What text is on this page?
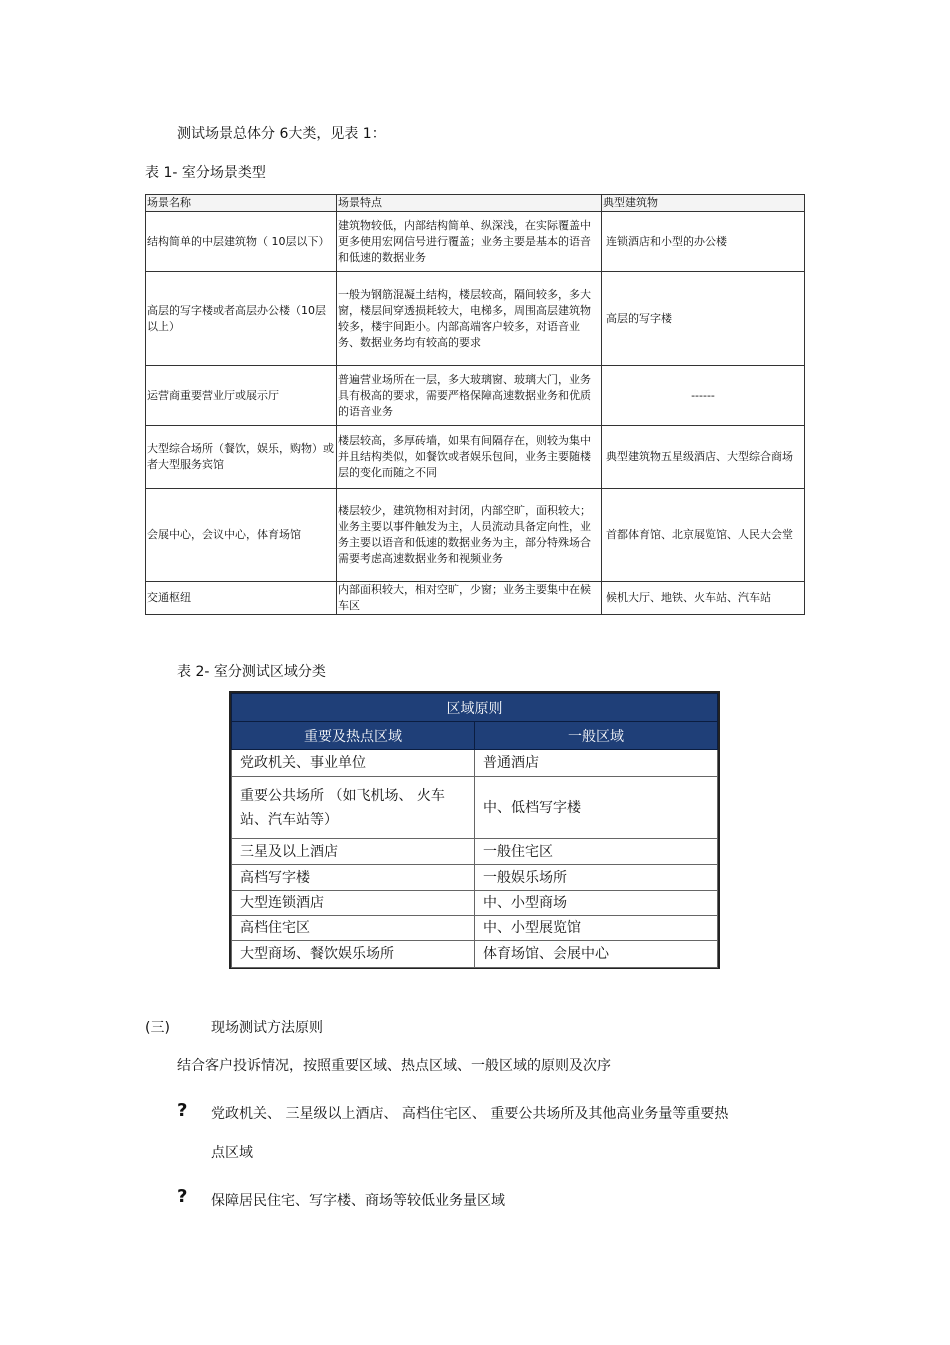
测试场景总体分 6大类，见表 1：
表 1- 室分场景类型
场景名称	场景特点	典型建筑物
结构简单的中层建筑物（ 10层以下）	建筑物较低，内部结构简单、纵深浅，在实际覆盖中更多使用宏网信号进行覆盖；业务主要是基本的语音和低速的数据业务	连锁酒店和小型的办公楼
高层的写字楼或者高层办公楼（10层以上）	一般为钢筋混凝土结构，楼层较高，隔间较多，多大窗，楼层间穿透损耗较大，电梯多，周围高层建筑物较多，楼宇间距小。内部高端客户较多，对语音业务、数据业务均有较高的要求	高层的写字楼
运营商重要营业厅或展示厅	普遍营业场所在一层，多大玻璃窗、玻璃大门，业务具有极高的要求，需要严格保障高速数据业务和优质的语音业务	------
大型综合场所（餐饮，娱乐，购物）或者大型服务宾馆	楼层较高，多厚砖墙，如果有间隔存在，则较为集中并且结构类似，如餐饮或者娱乐包间，业务主要随楼层的变化而随之不同	典型建筑物五星级酒店、大型综合商场
会展中心，会议中心，体育场馆	楼层较少，建筑物相对封闭，内部空旷，面积较大；业务主要以事件触发为主，人员流动具备定向性，业务主要以语音和低速的数据业务为主，部分特殊场合需要考虑高速数据业务和视频业务	首都体育馆、北京展览馆、人民大会堂
交通枢纽	内部面积较大，相对空旷，少窗；业务主要集中在候车区	候机大厅、地铁、火车站、汽车站
表 2- 室分测试区域分类
区域原则	
重要及热点区域	一般区域
党政机关、事业单位	普通酒店
重要公共场所 （如飞机场、 火车站、汽车站等）	中、低档写字楼
三星及以上酒店	一般住宅区
高档写字楼	一般娱乐场所
大型连锁酒店	中、小型商场
高档住宅区	中、小型展览馆
大型商场、餐饮娱乐场所	体育场馆、会展中心
(三)	现场测试方法原则
结合客户投诉情况，按照重要区域、热点区域、一般区域的原则及次序
? 党政机关、 三星级以上酒店、 高档住宅区、 重要公共场所及其他高业务量等重要热
点区域
? 保障居民住宅、写字楼、商场等较低业务量区域
